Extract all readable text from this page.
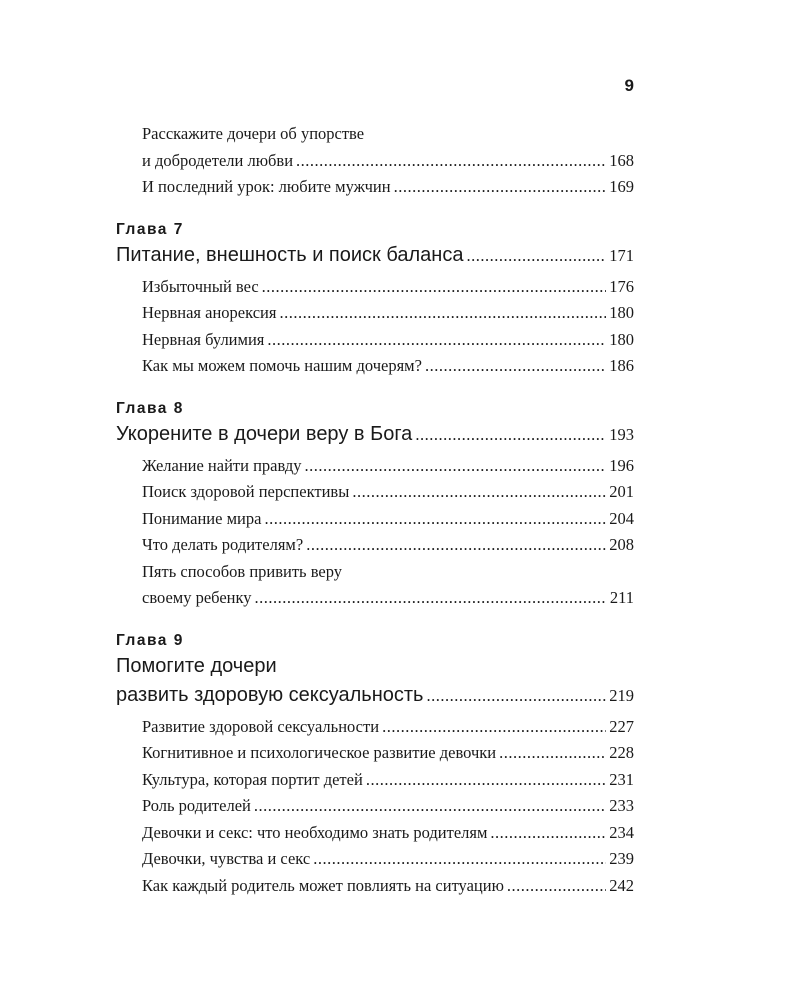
9
Расскажите дочери об упорстве
и добродетели любви .....	168
И последний урок: любите мужчин .....	169
Глава 7
Питание, внешность и поиск баланса .....	171
Избыточный вес .....	176
Нервная анорексия .....	180
Нервная булимия .....	180
Как мы можем помочь нашим дочерям? .....	186
Глава 8
Укорените в дочери веру в Бога .....	193
Желание найти правду .....	196
Поиск здоровой перспективы .....	201
Понимание мира .....	204
Что делать родителям? .....	208
Пять способов привить веру
своему ребенку .....	211
Глава 9
Помогите дочери
развить здоровую сексуальность .....	219
Развитие здоровой сексуальности .....	227
Когнитивное и психологическое развитие девочки .....	228
Культура, которая портит детей .....	231
Роль родителей .....	233
Девочки и секс: что необходимо знать родителям .....	234
Девочки, чувства и секс .....	239
Как каждый родитель может повлиять на ситуацию .....	242
